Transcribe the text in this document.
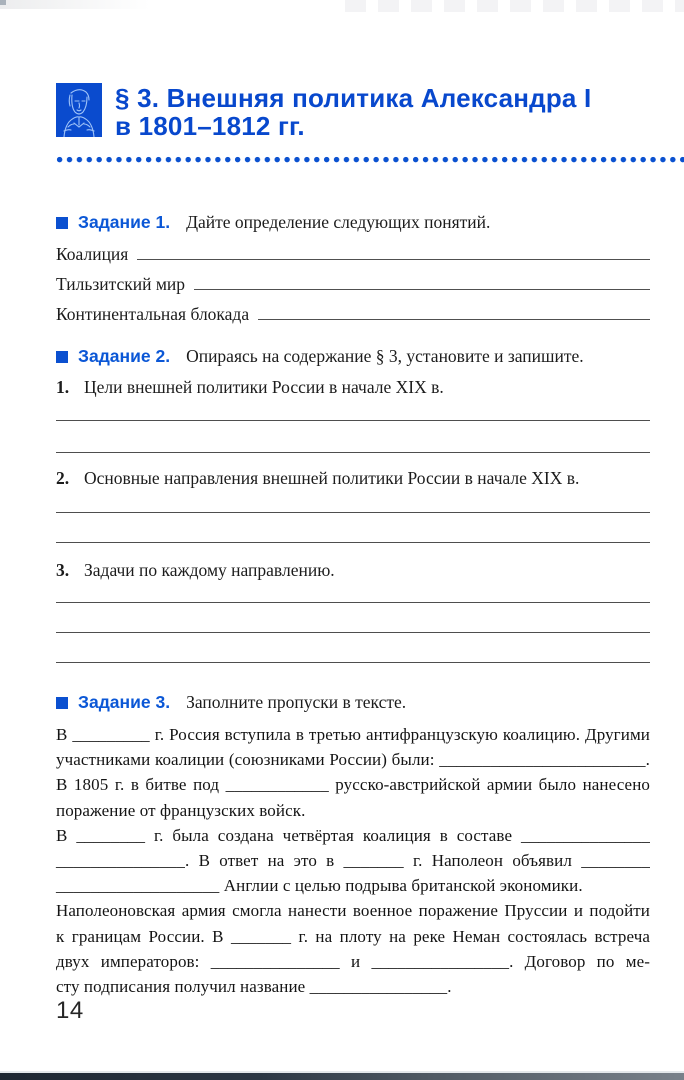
§ 3. Внешняя политика Александра I
в 1801–1812 гг.
Задание 1. Дайте определение следующих понятий.
Коалиция
Тильзитский мир
Континентальная блокада
Задание 2. Опираясь на содержание § 3, установите и запишите.
1. Цели внешней политики России в начале XIX в.
2. Основные направления внешней политики России в начале XIX в.
3. Задачи по каждому направлению.
Задание 3. Заполните пропуски в тексте.
В _________ г. Россия вступила в третью антифранцузскую коалицию. Другими
участниками коалиции (союзниками России) были: ________________________.
В 1805 г. в битве под ____________ русско-австрийской армии было нанесено
поражение от французских войск.
В ________ г. была создана четвёртая коалиция в составе _______________
_______________. В ответ на это в _______ г. Наполеон объявил ________
___________________ Англии с целью подрыва британской экономики.
Наполеоновская армия смогла нанести военное поражение Пруссии и подойти
к границам России. В _______ г. на плоту на реке Неман состоялась встреча
двух императоров: _______________ и ________________. Договор по ме-
сту подписания получил название ________________.
14
